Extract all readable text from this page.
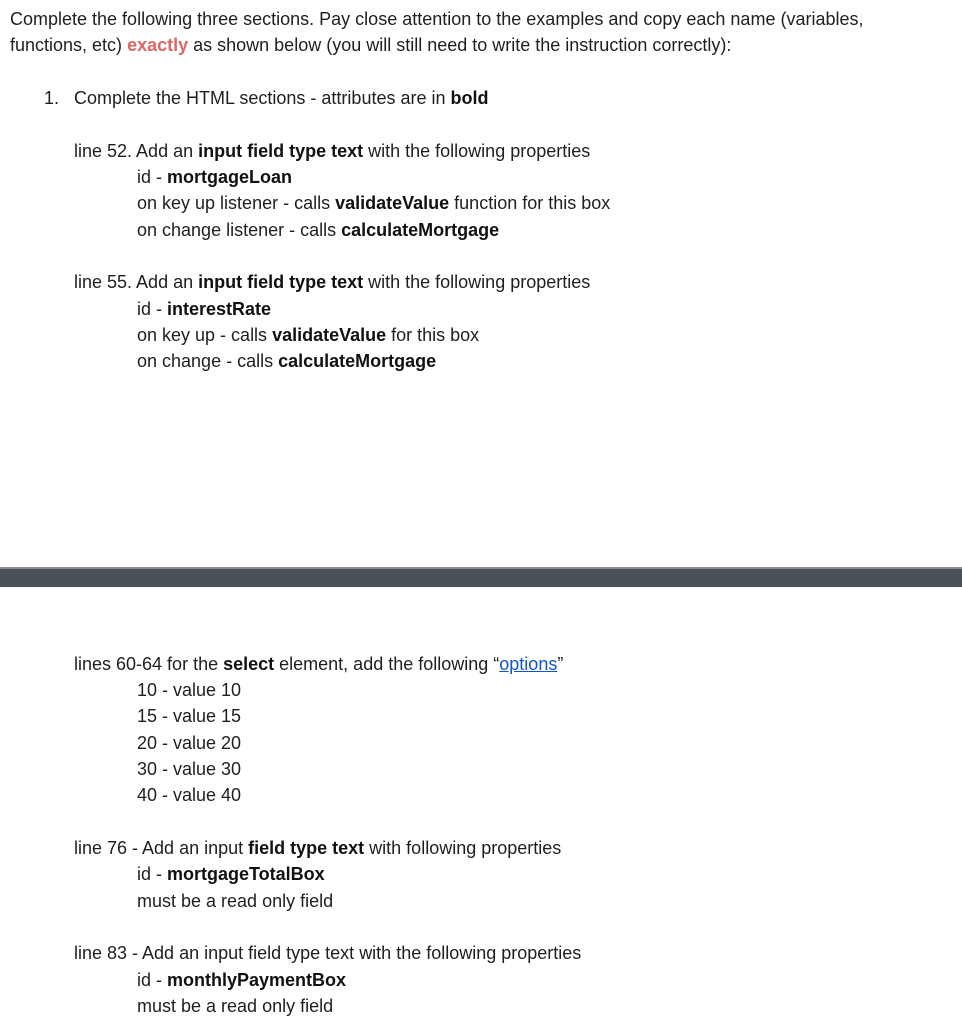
Complete the following three sections. Pay close attention to the examples and copy each name (variables,
functions, etc) exactly as shown below (you will still need to write the instruction correctly):
1. Complete the HTML sections - attributes are in bold
line 52. Add an input field type text with the following properties
id - mortgageLoan
on key up listener - calls validateValue function for this box
on change listener - calls calculateMortgage
line 55. Add an input field type text with the following properties
id - interestRate
on key up - calls validateValue for this box
on change - calls calculateMortgage
lines 60-64 for the select element, add the following “options”
10 - value 10
15 - value 15
20 - value 20
30 - value 30
40 - value 40
line 76 - Add an input field type text with following properties
id - mortgageTotalBox
must be a read only field
line 83 - Add an input field type text with the following properties
id - monthlyPaymentBox
must be a read only field
